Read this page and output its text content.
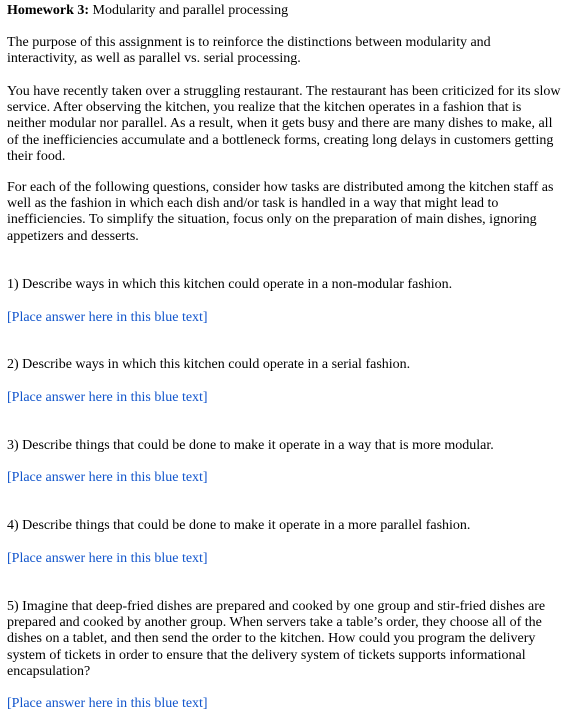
Homework 3: Modularity and parallel processing

The purpose of this assignment is to reinforce the distinctions between modularity and interactivity, as well as parallel vs. serial processing.

You have recently taken over a struggling restaurant. The restaurant has been criticized for its slow service. After observing the kitchen, you realize that the kitchen operates in a fashion that is neither modular nor parallel. As a result, when it gets busy and there are many dishes to make, all of the inefficiencies accumulate and a bottleneck forms, creating long delays in customers getting their food.

For each of the following questions, consider how tasks are distributed among the kitchen staff as well as the fashion in which each dish and/or task is handled in a way that might lead to inefficiencies. To simplify the situation, focus only on the preparation of main dishes, ignoring appetizers and desserts.

1) Describe ways in which this kitchen could operate in a non-modular fashion.

[Place answer here in this blue text]

2) Describe ways in which this kitchen could operate in a serial fashion.

[Place answer here in this blue text]

3) Describe things that could be done to make it operate in a way that is more modular.

[Place answer here in this blue text]

4) Describe things that could be done to make it operate in a more parallel fashion.

[Place answer here in this blue text]

5) Imagine that deep-fried dishes are prepared and cooked by one group and stir-fried dishes are prepared and cooked by another group. When servers take a table’s order, they choose all of the dishes on a tablet, and then send the order to the kitchen. How could you program the delivery system of tickets in order to ensure that the delivery system of tickets supports informational encapsulation?

[Place answer here in this blue text]
